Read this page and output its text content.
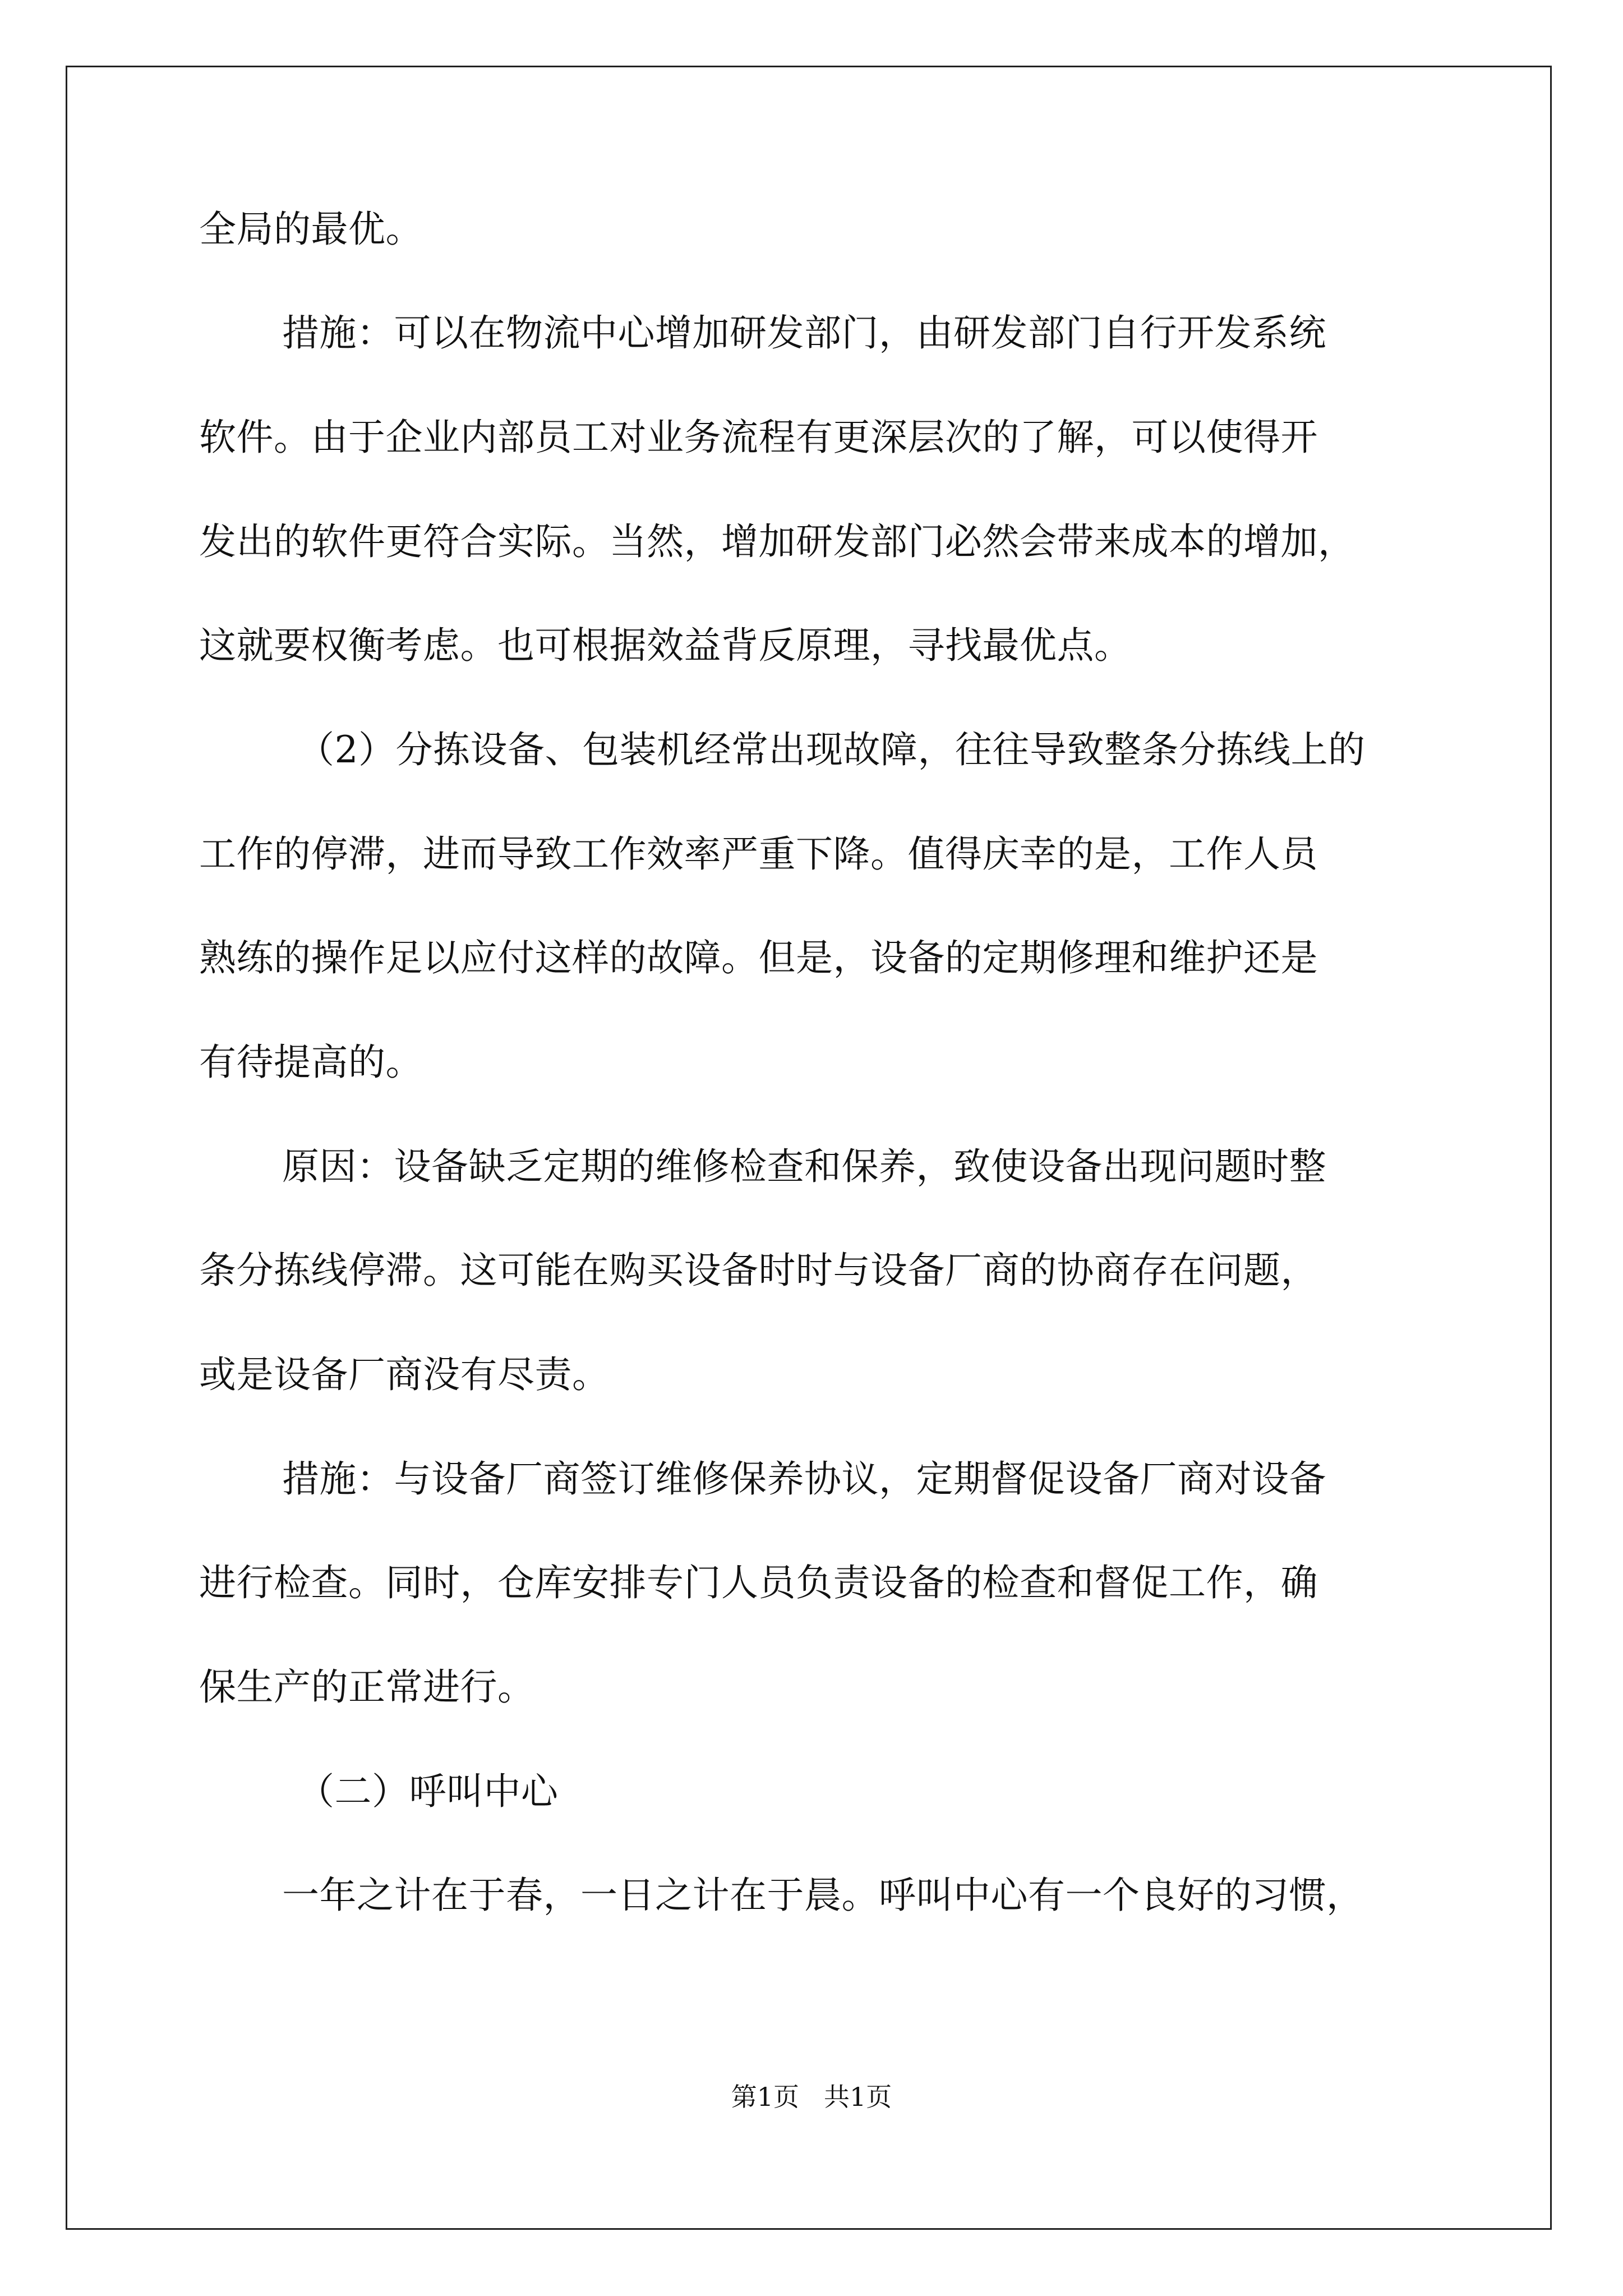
全局的最优。
措施：可以在物流中心增加研发部门，由研发部门自行开发系统
软件。由于企业内部员工对业务流程有更深层次的了解，可以使得开
发出的软件更符合实际。当然，增加研发部门必然会带来成本的增加，
这就要权衡考虑。也可根据效益背反原理，寻找最优点。
（2）分拣设备、包装机经常出现故障，往往导致整条分拣线上的
工作的停滞，进而导致工作效率严重下降。值得庆幸的是，工作人员
熟练的操作足以应付这样的故障。但是，设备的定期修理和维护还是
有待提高的。
原因：设备缺乏定期的维修检查和保养，致使设备出现问题时整
条分拣线停滞。这可能在购买设备时时与设备厂商的协商存在问题，
或是设备厂商没有尽责。
措施：与设备厂商签订维修保养协议，定期督促设备厂商对设备
进行检查。同时，仓库安排专门人员负责设备的检查和督促工作，确
保生产的正常进行。
（二）呼叫中心
一年之计在于春，一日之计在于晨。呼叫中心有一个良好的习惯，
第1页 共1页
